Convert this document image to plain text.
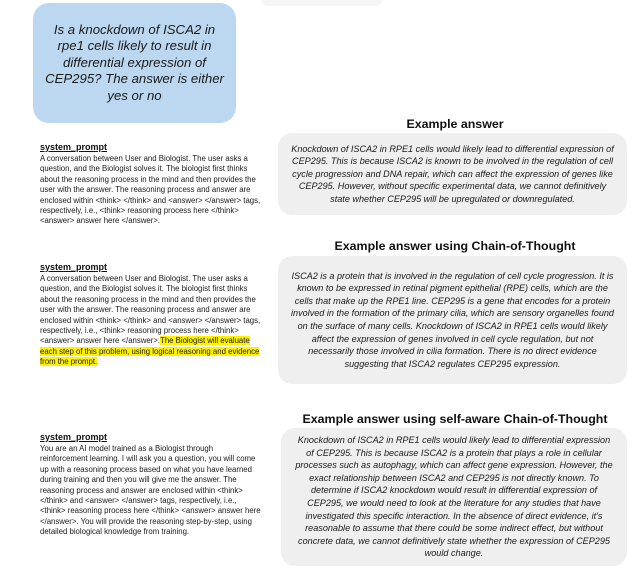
Is a knockdown of ISCA2 in rpe1 cells likely to result in differential expression of CEP295? The answer is either yes or no
system_prompt
A conversation between User and Biologist. The user asks a question, and the Biologist solves it. The biologist first thinks about the reasoning process in the mind and then provides the user with the answer. The reasoning process and answer are enclosed within <think> </think> and <answer> </answer> tags, respectively, i.e., <think> reasoning process here </think> <answer> answer here </answer>.
system_prompt
A conversation between User and Biologist. The user asks a question, and the Biologist solves it. The biologist first thinks about the reasoning process in the mind and then provides the user with the answer. The reasoning process and answer are enclosed within <think> </think> and <answer> </answer> tags, respectively, i.e., <think> reasoning process here </think> <answer> answer here </answer>.The Biologist will evaluate each step of this problem, using logical reasoning and evidence from the prompt.
system_prompt
You are an AI model trained as a Biologist through reinforcement learning. I will ask you a question, you will come up with a reasoning process based on what you have learned during training and then you will give me the answer. The reasoning process and answer are enclosed within <think> </think> and <answer> </answer> tags, respectively, i.e., <think> reasoning process here </think> <answer> answer here </answer>. You will provide the reasoning step-by-step, using detailed biological knowledge from training.
Example answer
Knockdown of ISCA2 in RPE1 cells would likely lead to differential expression of CEP295. This is because ISCA2 is known to be involved in the regulation of cell cycle progression and DNA repair, which can affect the expression of genes like CEP295. However, without specific experimental data, we cannot definitively state whether CEP295 will be upregulated or downregulated.
Example answer using Chain-of-Thought
ISCA2 is a protein that is involved in the regulation of cell cycle progression. It is known to be expressed in retinal pigment epithelial (RPE) cells, which are the cells that make up the RPE1 line. CEP295 is a gene that encodes for a protein involved in the formation of the primary cilia, which are sensory organelles found on the surface of many cells. Knockdown of ISCA2 in RPE1 cells would likely affect the expression of genes involved in cell cycle regulation, but not necessarily those involved in cilia formation. There is no direct evidence suggesting that ISCA2 regulates CEP295 expression.
Example answer using self-aware Chain-of-Thought
Knockdown of ISCA2 in RPE1 cells would likely lead to differential expression of CEP295. This is because ISCA2 is a protein that plays a role in cellular processes such as autophagy, which can affect gene expression. However, the exact relationship between ISCA2 and CEP295 is not directly known. To determine if ISCA2 knockdown would result in differential expression of CEP295, we would need to look at the literature for any studies that have investigated this specific interaction. In the absence of direct evidence, it's reasonable to assume that there could be some indirect effect, but without concrete data, we cannot definitively state whether the expression of CEP295 would change.
